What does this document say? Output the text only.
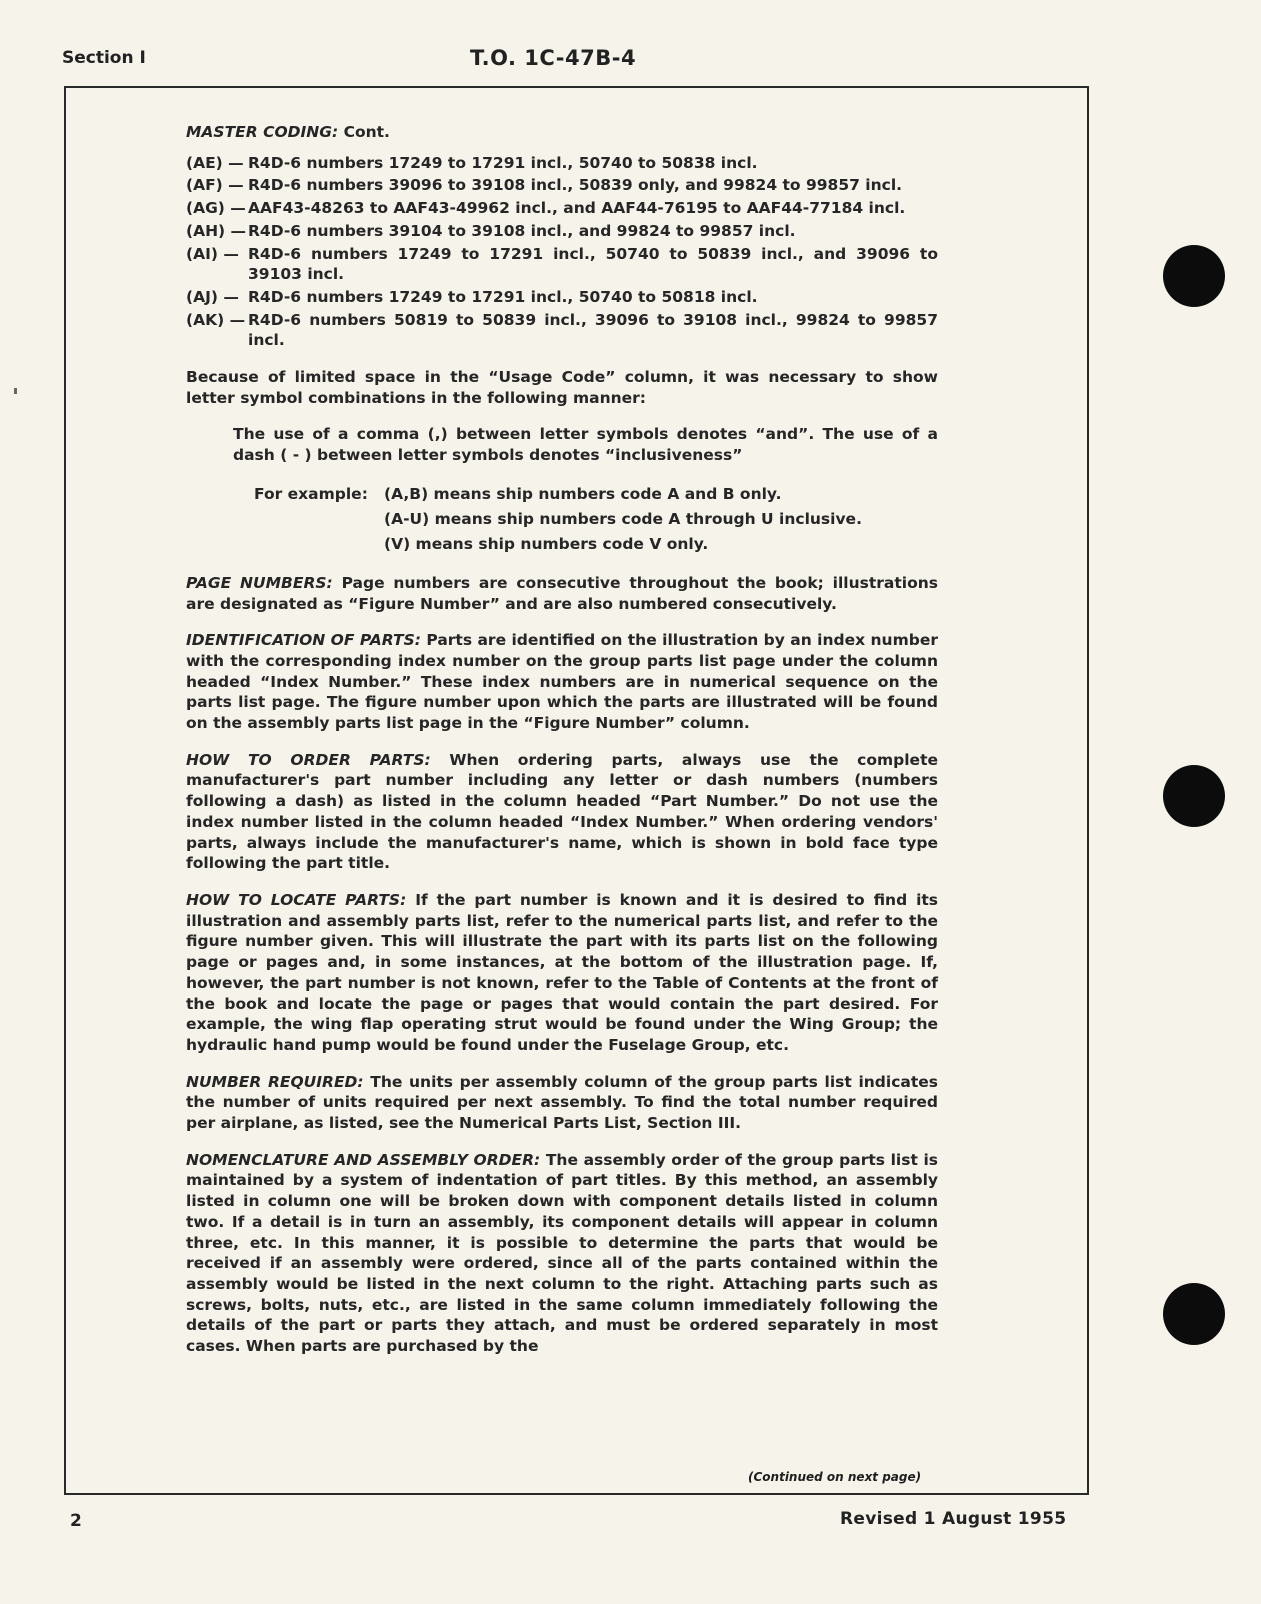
Section I	T.O. 1C-47B-4

MASTER CODING: Cont.

(AE) — R4D-6 numbers 17249 to 17291 incl., 50740 to 50838 incl.
(AF) — R4D-6 numbers 39096 to 39108 incl., 50839 only, and 99824 to 99857 incl.
(AG) — AAF43-48263 to AAF43-49962 incl., and AAF44-76195 to AAF44-77184 incl.
(AH) — R4D-6 numbers 39104 to 39108 incl., and 99824 to 99857 incl.
(AI) — R4D-6 numbers 17249 to 17291 incl., 50740 to 50839 incl., and 39096 to 39103 incl.
(AJ) — R4D-6 numbers 17249 to 17291 incl., 50740 to 50818 incl.
(AK) — R4D-6 numbers 50819 to 50839 incl., 39096 to 39108 incl., 99824 to 99857 incl.

Because of limited space in the “Usage Code” column, it was necessary to show letter symbol combinations in the following manner:

The use of a comma (,) between letter symbols denotes “and”. The use of a dash ( - ) between letter symbols denotes “inclusiveness”

For example:	(A,B) means ship numbers code A and B only.
(A-U) means ship numbers code A through U inclusive.
(V) means ship numbers code V only.

PAGE NUMBERS: Page numbers are consecutive throughout the book; illustrations are designated as “Figure Number” and are also numbered consecutively.

IDENTIFICATION OF PARTS: Parts are identified on the illustration by an index number with the corresponding index number on the group parts list page under the column headed “Index Number.” These index numbers are in numerical sequence on the parts list page. The figure number upon which the parts are illustrated will be found on the assembly parts list page in the “Figure Number” column.

HOW TO ORDER PARTS: When ordering parts, always use the complete manufacturer's part number including any letter or dash numbers (numbers following a dash) as listed in the column headed “Part Number.” Do not use the index number listed in the column headed “Index Number.” When ordering vendors' parts, always include the manufacturer's name, which is shown in bold face type following the part title.

HOW TO LOCATE PARTS: If the part number is known and it is desired to find its illustration and assembly parts list, refer to the numerical parts list, and refer to the figure number given. This will illustrate the part with its parts list on the following page or pages and, in some instances, at the bottom of the illustration page. If, however, the part number is not known, refer to the Table of Contents at the front of the book and locate the page or pages that would contain the part desired. For example, the wing flap operating strut would be found under the Wing Group; the hydraulic hand pump would be found under the Fuselage Group, etc.

NUMBER REQUIRED: The units per assembly column of the group parts list indicates the number of units required per next assembly. To find the total number required per airplane, as listed, see the Numerical Parts List, Section III.

NOMENCLATURE AND ASSEMBLY ORDER: The assembly order of the group parts list is maintained by a system of indentation of part titles. By this method, an assembly listed in column one will be broken down with component details listed in column two. If a detail is in turn an assembly, its component details will appear in column three, etc. In this manner, it is possible to determine the parts that would be received if an assembly were ordered, since all of the parts contained within the assembly would be listed in the next column to the right. Attaching parts such as screws, bolts, nuts, etc., are listed in the same column immediately following the details of the part or parts they attach, and must be ordered separately in most cases. When parts are purchased by the

(Continued on next page)
2	Revised 1 August 1955
